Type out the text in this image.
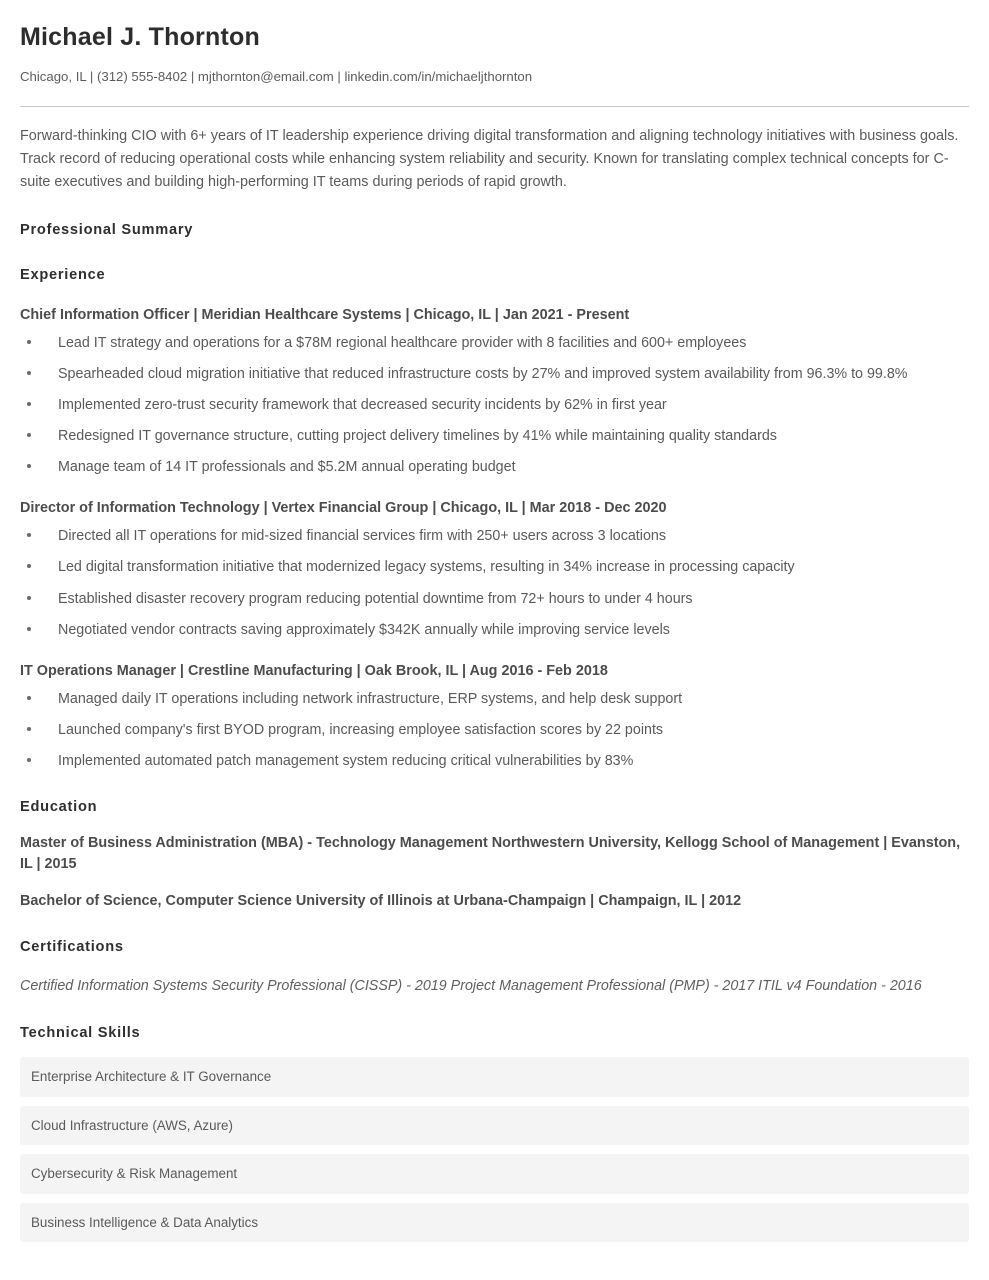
Michael J. Thornton

Chicago, IL | (312) 555-8402 | mjthornton@email.com | linkedin.com/in/michaeljthornton

Forward-thinking CIO with 6+ years of IT leadership experience driving digital transformation and aligning technology initiatives with business goals. Track record of reducing operational costs while enhancing system reliability and security. Known for translating complex technical concepts for C-suite executives and building high-performing IT teams during periods of rapid growth.

Professional Summary
Experience
Chief Information Officer | Meridian Healthcare Systems | Chicago, IL | Jan 2021 - Present
Lead IT strategy and operations for a $78M regional healthcare provider with 8 facilities and 600+ employees
Spearheaded cloud migration initiative that reduced infrastructure costs by 27% and improved system availability from 96.3% to 99.8%
Implemented zero-trust security framework that decreased security incidents by 62% in first year
Redesigned IT governance structure, cutting project delivery timelines by 41% while maintaining quality standards
Manage team of 14 IT professionals and $5.2M annual operating budget
Director of Information Technology | Vertex Financial Group | Chicago, IL | Mar 2018 - Dec 2020
Directed all IT operations for mid-sized financial services firm with 250+ users across 3 locations
Led digital transformation initiative that modernized legacy systems, resulting in 34% increase in processing capacity
Established disaster recovery program reducing potential downtime from 72+ hours to under 4 hours
Negotiated vendor contracts saving approximately $342K annually while improving service levels
IT Operations Manager | Crestline Manufacturing | Oak Brook, IL | Aug 2016 - Feb 2018
Managed daily IT operations including network infrastructure, ERP systems, and help desk support
Launched company's first BYOD program, increasing employee satisfaction scores by 22 points
Implemented automated patch management system reducing critical vulnerabilities by 83%
Education
Master of Business Administration (MBA) - Technology Management Northwestern University, Kellogg School of Management | Evanston, IL | 2015
Bachelor of Science, Computer Science University of Illinois at Urbana-Champaign | Champaign, IL | 2012
Certifications

Certified Information Systems Security Professional (CISSP) - 2019 Project Management Professional (PMP) - 2017 ITIL v4 Foundation - 2016

Technical Skills
Enterprise Architecture & IT Governance
Cloud Infrastructure (AWS, Azure)
Cybersecurity & Risk Management
Business Intelligence & Data Analytics
